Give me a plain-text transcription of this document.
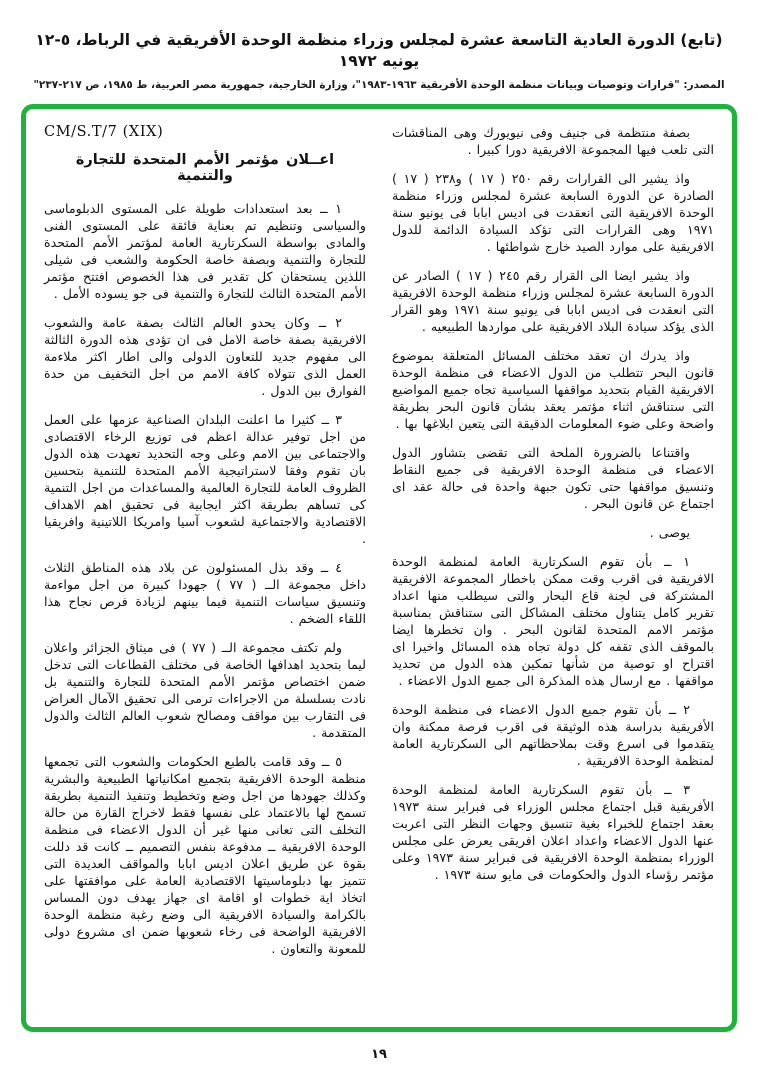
(تابع) الدورة العادية التاسعة عشرة لمجلس وزراء منظمة الوحدة الأفريقية في الرباط، ٥-١٢ يونيه ١٩٧٢
المصدر: "قرارات وتوصيات وبيانات منظمة الوحدة الأفريقية ١٩٦٣-١٩٨٣"، وزارة الخارجية، جمهورية مصر العربية، ط ١٩٨٥، ص ٢١٧-٢٣٧"

بصفة منتظمة فى جنيف وفى نيويورك وهى المناقشات التى تلعب فيها المجموعة الافريقية دورا كبيرا .

واذ يشير الى القرارات رقم ٢٥٠ ( ١٧ ) و٢٣٨ ( ١٧ ) الصادرة عن الدورة السابعة عشرة لمجلس وزراء منظمة الوحدة الافريقية التى انعقدت فى اديس ابابا فى يونيو سنة ١٩٧١ وهى القرارات التى تؤكد السيادة الدائمة للدول الافريقية على موارد الصيد خارج شواطئها .

واذ يشير ايضا الى القرار رقم ٢٤٥ ( ١٧ ) الصادر عن الدورة السابعة عشرة لمجلس وزراء منظمة الوحدة الافريقية التى انعقدت فى اديس ابابا فى يونيو سنة ١٩٧١ وهو القرار الذى يؤكد سيادة البلاد الافريقية على مواردها الطبيعيه .

واذ يدرك ان تعقد مختلف المسائل المتعلقة بموضوع قانون البحر تتطلب من الدول الاعضاء فى منظمة الوحدة الافريقية القيام بتحديد مواقفها السياسية تجاه جميع المواضيع التى ستناقش اثناء مؤتمر يعقد بشأن قانون البحر بطريقة واضحة وعلى ضوء المعلومات الدقيقة التى يتعين ابلاغها بها .

واقتناعا بالضرورة الملحة التى تقضى بتشاور الدول الاعضاء فى منظمة الوحدة الافريقية فى جميع النقاط وتنسيق مواقفها حتى تكون جبهة واحدة فى حالة عقد اى اجتماع عن قانون البحر .

يوصى .

١ ــ بأن تقوم السكرتارية العامة لمنظمة الوحدة الافريقية فى اقرب وقت ممكن باخطار المجموعة الافريقية المشتركة فى لجنة قاع البحار والتى سيطلب منها اعداد تقرير كامل يتناول مختلف المشاكل التى ستناقش بمناسبة مؤتمر الامم المتحدة لقانون البحر . وان تخطرها ايضا بالموقف الذى تقفه كل دولة تجاه هذه المسائل واخيرا اى اقتراح او توصية من شأنها تمكين هذه الدول من تحديد مواقفها . مع ارسال هذه المذكرة الى جميع الدول الاعضاء .

٢ ــ بأن تقوم جميع الدول الاعضاء فى منظمة الوحدة الأفريقية بدراسة هذه الوثيقة فى اقرب فرصة ممكنة وان يتقدموا فى اسرع وقت بملاحظاتهم الى السكرتارية العامة لمنظمة الوحدة الافريقية .

٣ ــ بأن تقوم السكرتارية العامة لمنظمة الوحدة الأفريقية قبل اجتماع مجلس الوزراء فى فبراير سنة ١٩٧٣ بعقد اجتماع للخبراء بغية تنسيق وجهات النظر التى اعربت عنها الدول الاعضاء واعداد اعلان افريقى يعرض على مجلس الوزراء بمنظمة الوحدة الافريقية فى فبراير سنة ١٩٧٣ وعلى مؤتمر رؤساء الدول والحكومات فى مايو سنة ١٩٧٣ .

CM/S.T/7 (XIX)
اعــلان مؤتمر الأمم المتحدة للتجارة والتنمية

١ ــ بعد استعدادات طويلة على المستوى الدبلوماسى والسياسى وتنظيم تم بعناية فائقة على المستوى الفنى والمادى بواسطة السكرتارية العامة لمؤتمر الأمم المتحدة للتجارة والتنمية وبصفة خاصة الحكومة والشعب فى شيلى اللذين يستحقان كل تقدير فى هذا الخصوص افتتح مؤتمر الأمم المتحدة الثالث للتجارة والتنمية فى جو يسوده الأمل .

٢ ــ وكان يحدو العالم الثالث بصفة عامة والشعوب الافريقية بصفة خاصة الامل فى ان تؤدى هذه الدورة الثالثة الى مفهوم جديد للتعاون الدولى والى اطار اكثر ملاءمة العمل الذى تتولاه كافة الامم من اجل التخفيف من حدة الفوارق بين الدول .

٣ ــ كثيرا ما اعلنت البلدان الصناعية عزمها على العمل من اجل توفير عدالة اعظم فى توزيع الرخاء الاقتصادى والاجتماعى بين الامم وعلى وجه التحديد تعهدت هذه الدول بان تقوم وفقا لاستراتيجية الأمم المتحدة للتنمية بتحسين الظروف العامة للتجارة العالمية والمساعدات من اجل التنمية كى تساهم بطريقة اكثر ايجابية فى تحقيق اهم الاهداف الاقتصادية والاجتماعية لشعوب آسيا وامريكا اللاتينية وافريقيا .

٤ ــ وقد بذل المسئولون عن بلاد هذه المناطق الثلاث داخل مجموعة الــ ( ٧٧ ) جهودا كبيرة من اجل مواءمة وتنسيق سياسات التنمية فيما بينهم لزيادة فرص نجاح هذا اللقاء الضخم .

ولم تكتف مجموعة الــ ( ٧٧ ) فى ميثاق الجزائر واعلان ليما بتحديد اهدافها الخاصة فى مختلف القطاعات التى تدخل ضمن اختصاص مؤتمر الأمم المتحدة للتجارة والتنمية بل نادت بسلسلة من الاجراءات ترمى الى تحقيق الآمال العراض فى التقارب بين مواقف ومصالح شعوب العالم الثالث والدول المتقدمة .

٥ ــ وقد قامت بالطبع الحكومات والشعوب التى تجمعها منظمة الوحدة الافريقية بتجميع امكانياتها الطبيعية والبشرية وكذلك جهودها من اجل وضع وتخطيط وتنفيذ التنمية بطريقة تسمح لها بالاعتماد على نفسها فقط لاخراج القارة من حالة التخلف التى تعانى منها غير أن الدول الاعضاء فى منظمة الوحدة الافريقية ــ مدفوعة بنفس التصميم ــ كانت قد دللت بقوة عن طريق اعلان اديس ابابا والمواقف العديدة التى تتميز بها دبلوماسيتها الاقتصادية العامة على موافقتها على اتخاذ اية خطوات او اقامة اى جهاز يهدف دون المساس بالكرامة والسيادة الافريقية الى وضع رغبة منظمة الوحدة الافريقية الواضحة فى رخاء شعوبها ضمن اى مشروع دولى للمعونة والتعاون .

١٩
